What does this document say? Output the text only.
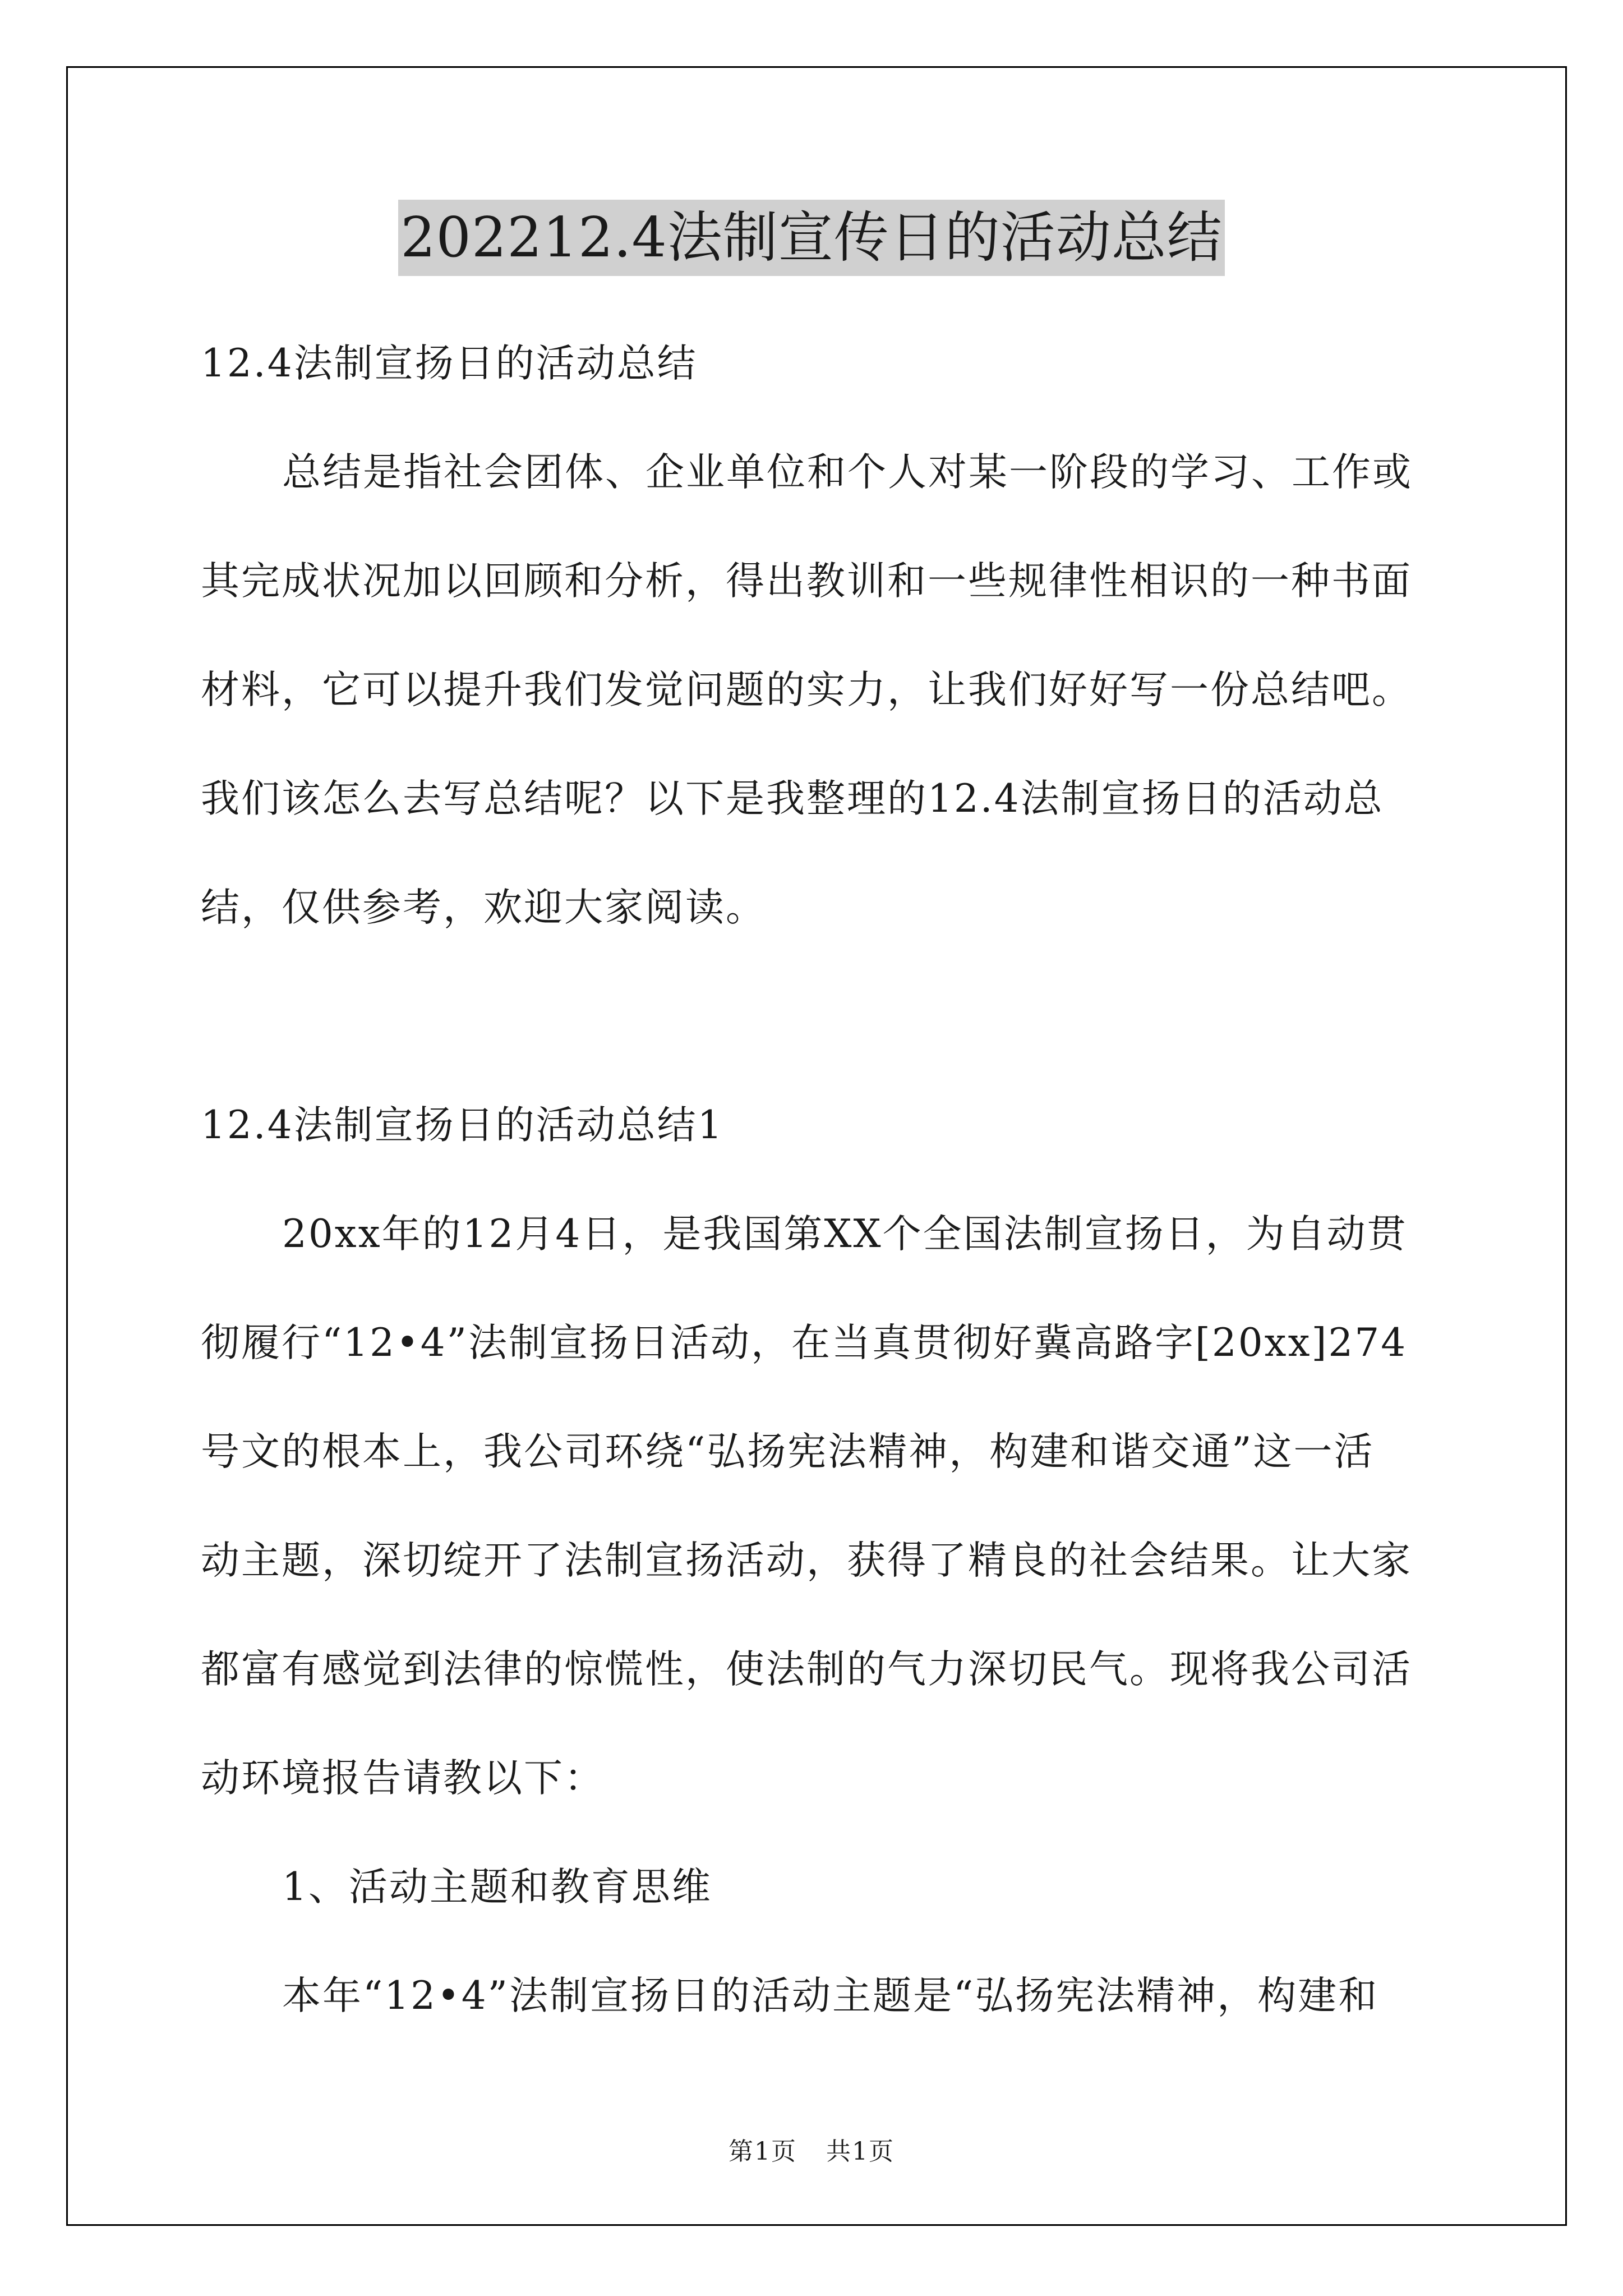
202212.4法制宣传日的活动总结
12.4法制宣扬日的活动总结
总结是指社会团体、企业单位和个人对某一阶段的学习、工作或
其完成状况加以回顾和分析，得出教训和一些规律性相识的一种书面
材料，它可以提升我们发觉问题的实力，让我们好好写一份总结吧。
我们该怎么去写总结呢？以下是我整理的12.4法制宣扬日的活动总
结，仅供参考，欢迎大家阅读。
12.4法制宣扬日的活动总结1
20xx年的12月4日，是我国第XX个全国法制宣扬日，为自动贯
彻履行“12•4”法制宣扬日活动，在当真贯彻好冀高路字[20xx]274
号文的根本上，我公司环绕“弘扬宪法精神，构建和谐交通”这一活
动主题，深切绽开了法制宣扬活动，获得了精良的社会结果。让大家
都富有感觉到法律的惊慌性，使法制的气力深切民气。现将我公司活
动环境报告请教以下：
1、活动主题和教育思维
本年“12•4”法制宣扬日的活动主题是“弘扬宪法精神，构建和
第1页 共1页
